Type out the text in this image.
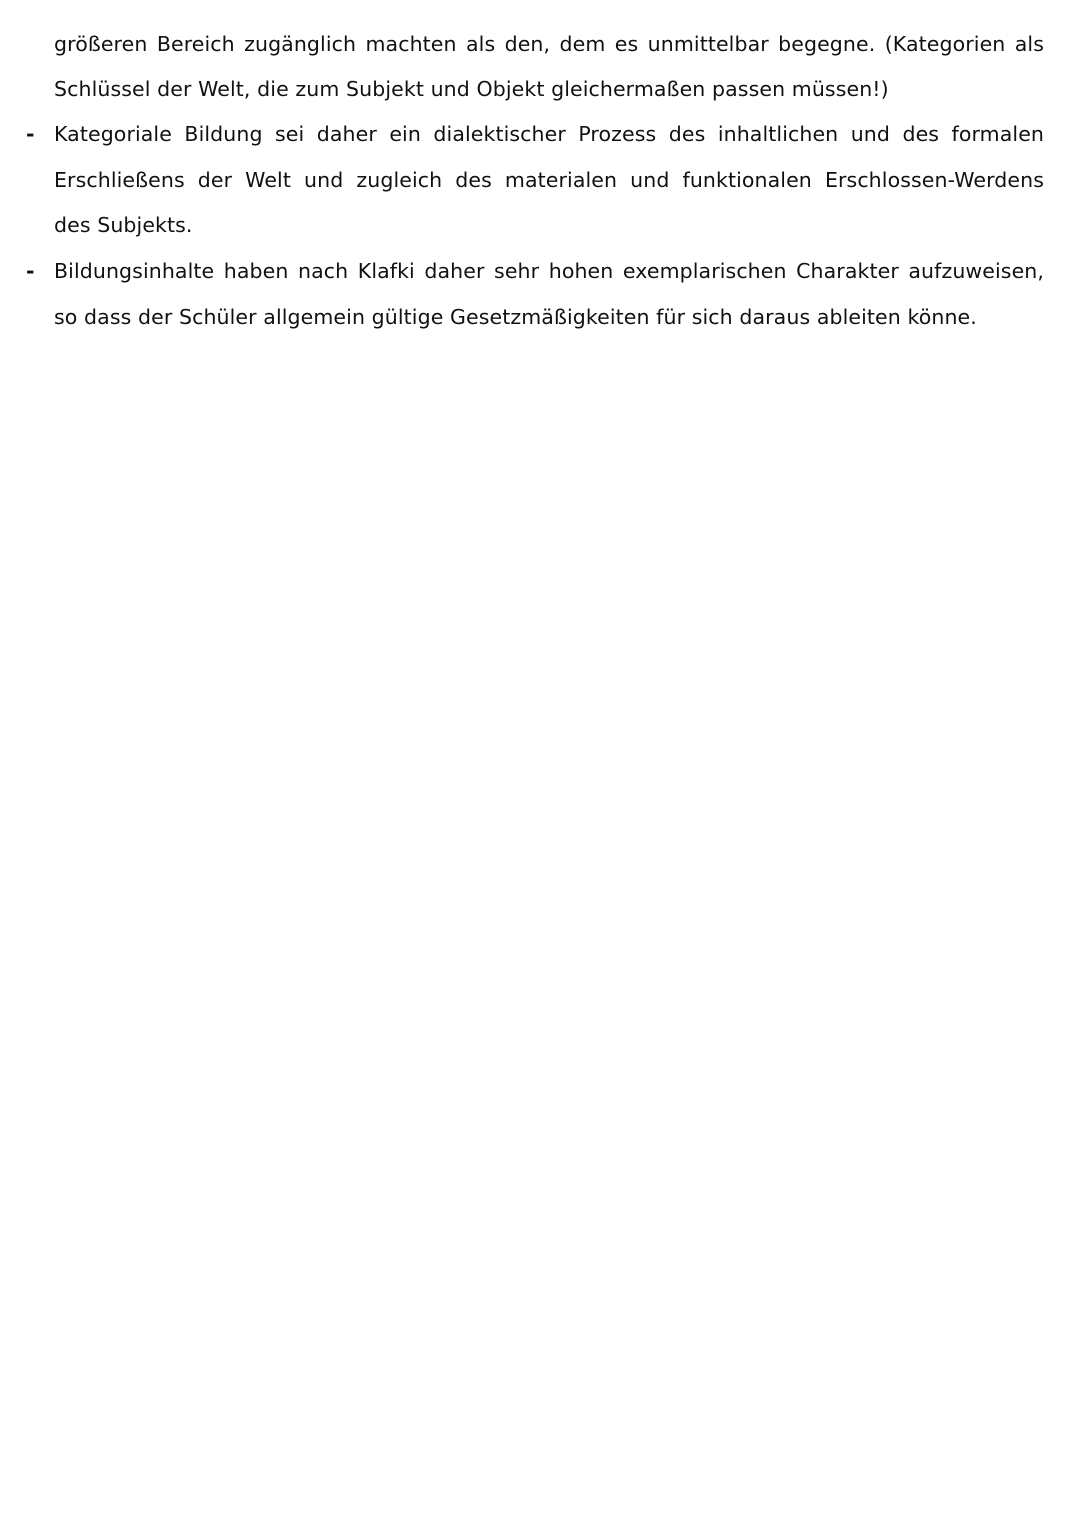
größeren Bereich zugänglich machten als den, dem es unmittelbar begegne. (Kategorien als
Schlüssel der Welt, die zum Subjekt und Objekt gleichermaßen passen müssen!)
- Kategoriale Bildung sei daher ein dialektischer Prozess des inhaltlichen und des formalen
Erschließens der Welt und zugleich des materialen und funktionalen Erschlossen-Werdens
des Subjekts.
- Bildungsinhalte haben nach Klafki daher sehr hohen exemplarischen Charakter aufzuweisen,
so dass der Schüler allgemein gültige Gesetzmäßigkeiten für sich daraus ableiten könne.
